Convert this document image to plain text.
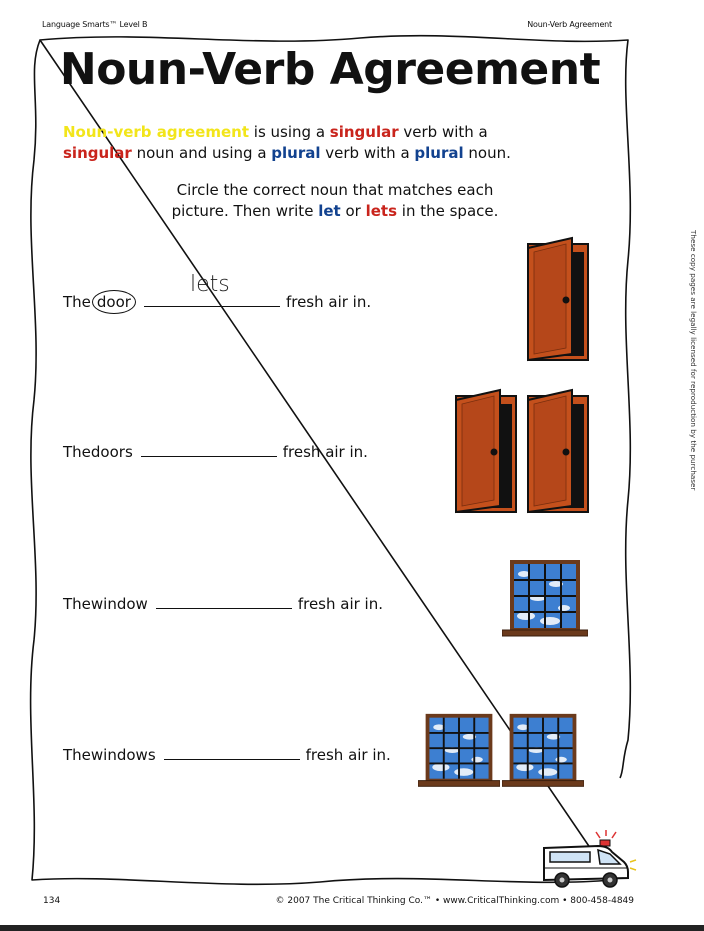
Language Smarts™ Level B	Noun-Verb Agreement
Noun-Verb Agreement
Noun-verb agreement is using a singular verb with a
singular noun and using a plural verb with a plural noun.
Circle the correct noun that matches each
picture. Then write let or lets in the space.
The door
lets
fresh air in.
The doors	fresh air in.
The window	fresh air in.
The windows	fresh air in.
These copy pages are legally licensed for reproduction by the purchaser
134	© 2007 The Critical Thinking Co.™ • www.CriticalThinking.com • 800-458-4849
